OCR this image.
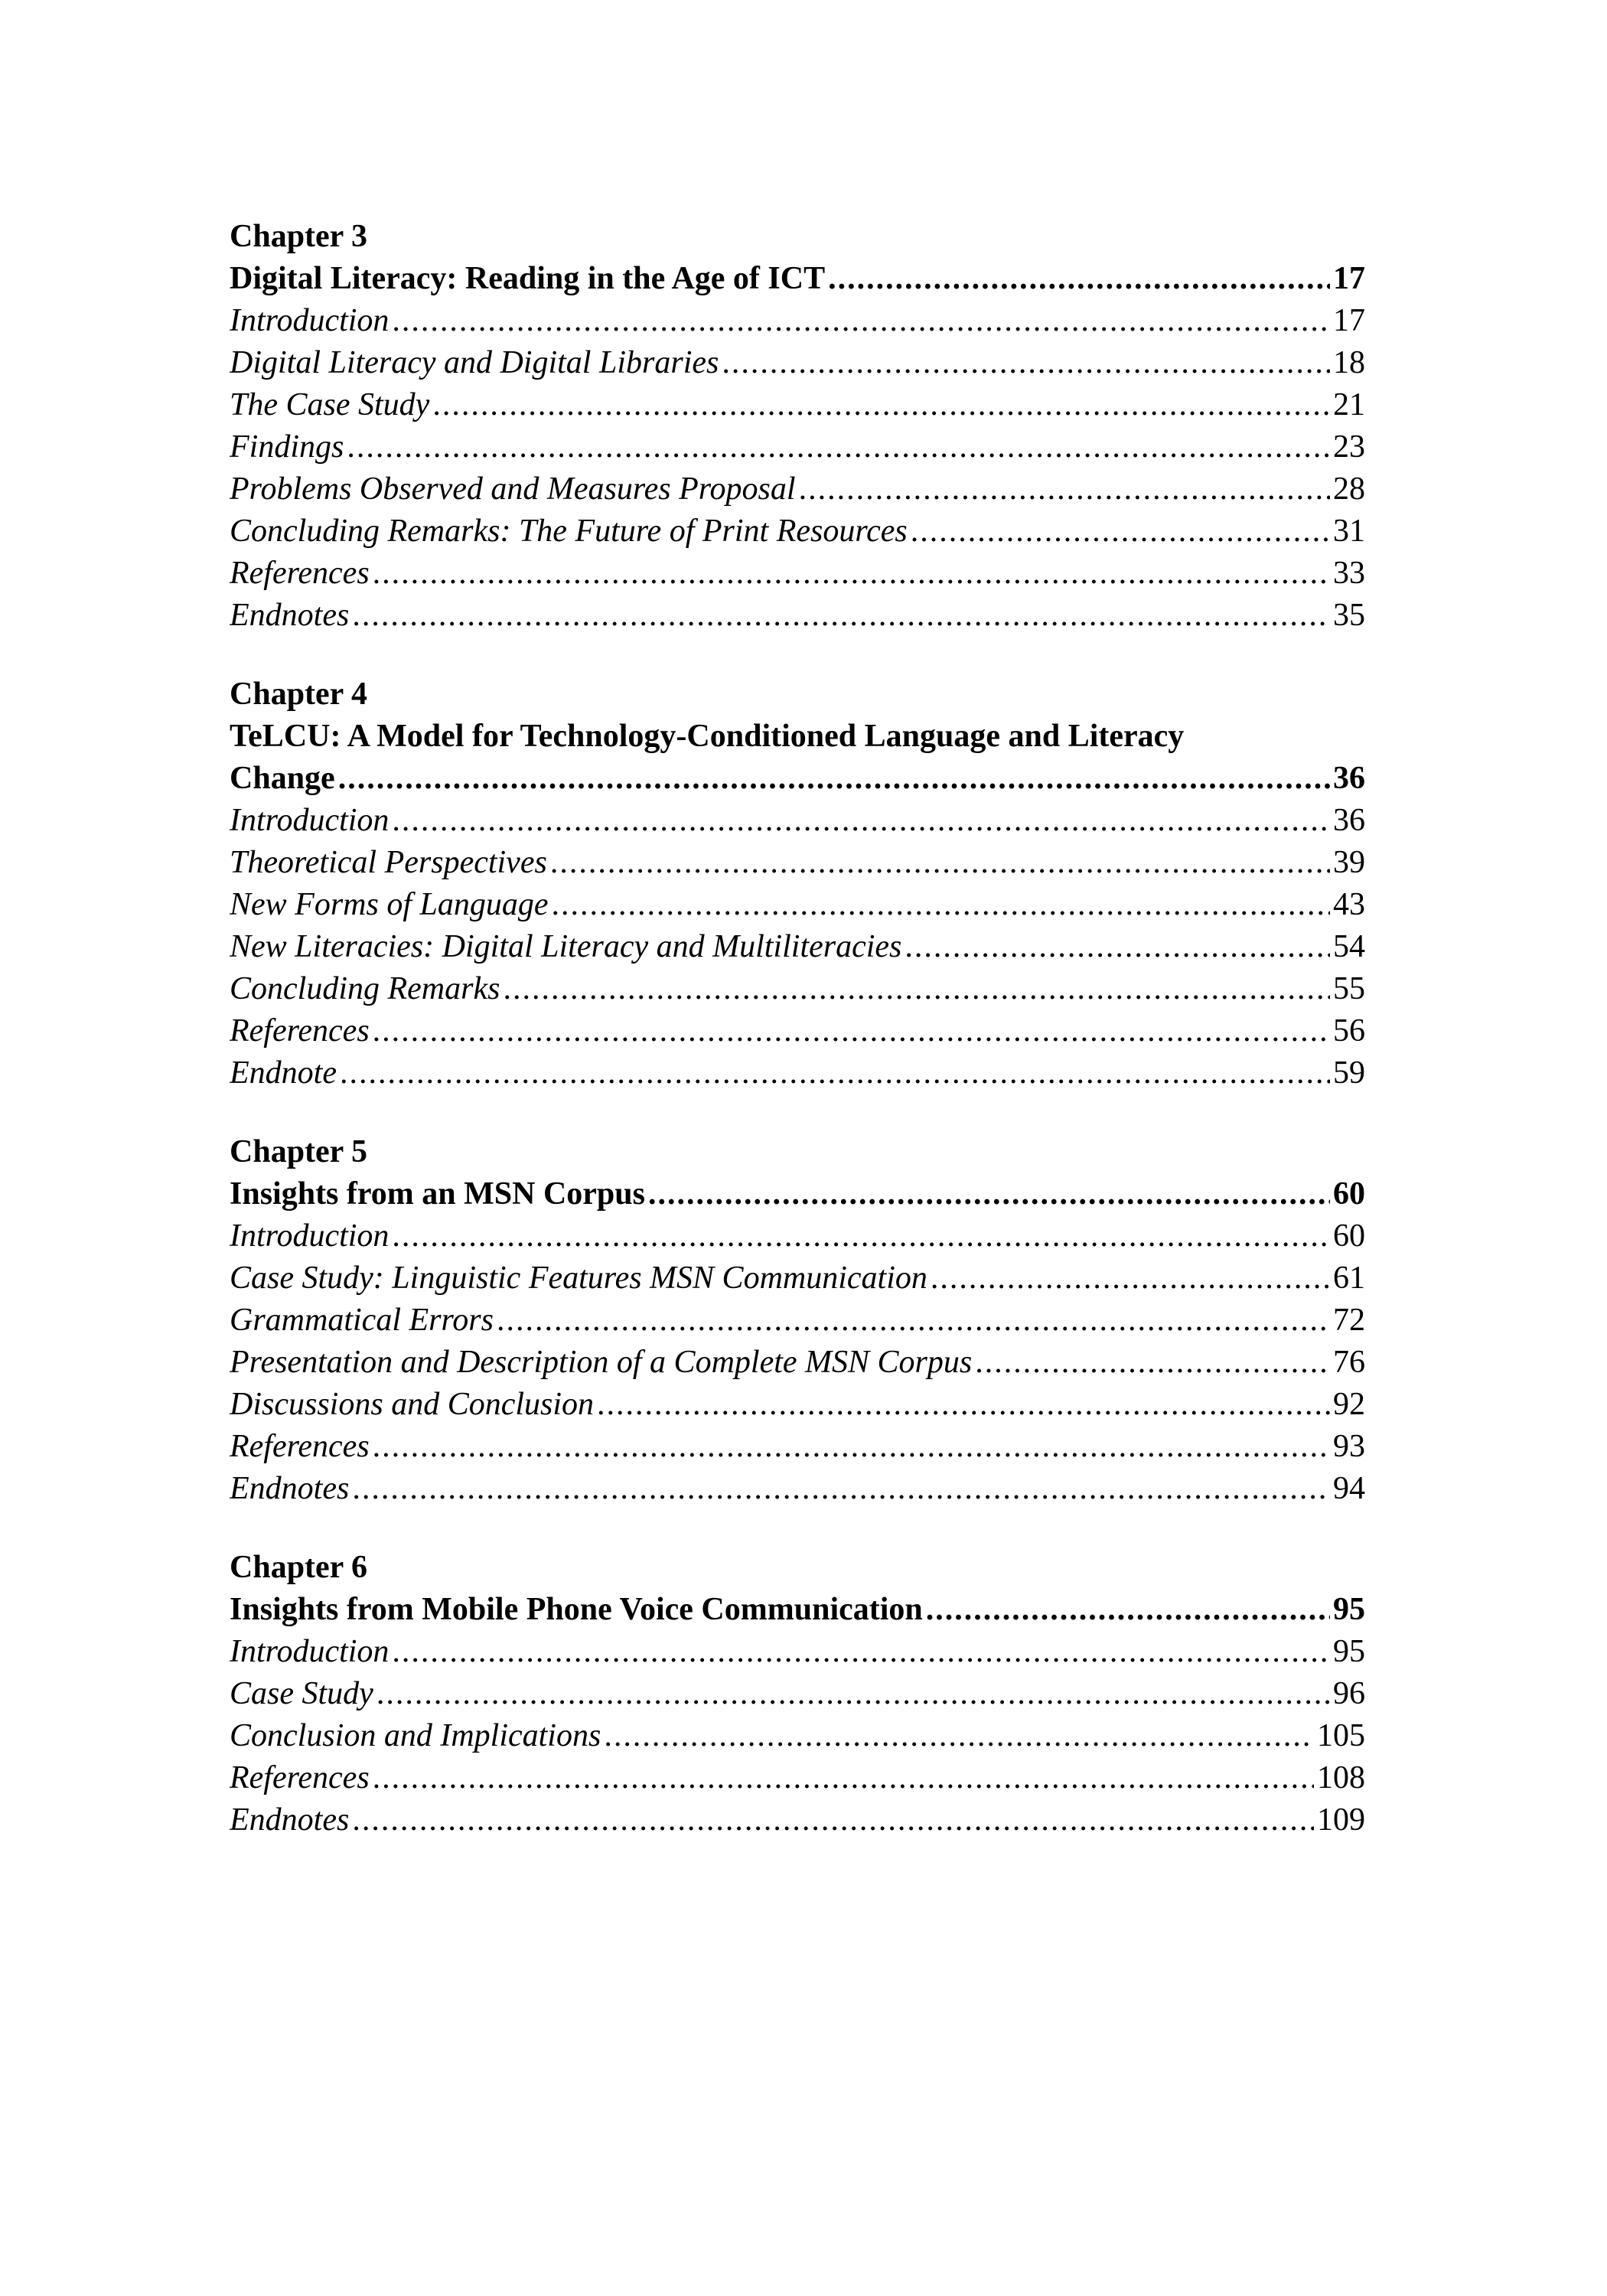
Chapter 3
Digital Literacy: Reading in the Age of ICT .....	17
Introduction .....	17
Digital Literacy and Digital Libraries .....	18
The Case Study .....	21
Findings .....	23
Problems Observed and Measures Proposal .....	28
Concluding Remarks: The Future of Print Resources .....	31
References .....	33
Endnotes .....	35
Chapter 4
TeLCU: A Model for Technology-Conditioned Language and Literacy
Change .....	36
Introduction .....	36
Theoretical Perspectives .....	39
New Forms of Language .....	43
New Literacies: Digital Literacy and Multiliteracies .....	54
Concluding Remarks .....	55
References .....	56
Endnote .....	59
Chapter 5
Insights from an MSN Corpus .....	60
Introduction .....	60
Case Study: Linguistic Features MSN Communication .....	61
Grammatical Errors .....	72
Presentation and Description of a Complete MSN Corpus .....	76
Discussions and Conclusion .....	92
References .....	93
Endnotes .....	94
Chapter 6
Insights from Mobile Phone Voice Communication .....	95
Introduction .....	95
Case Study .....	96
Conclusion and Implications .....	105
References .....	108
Endnotes .....	109
